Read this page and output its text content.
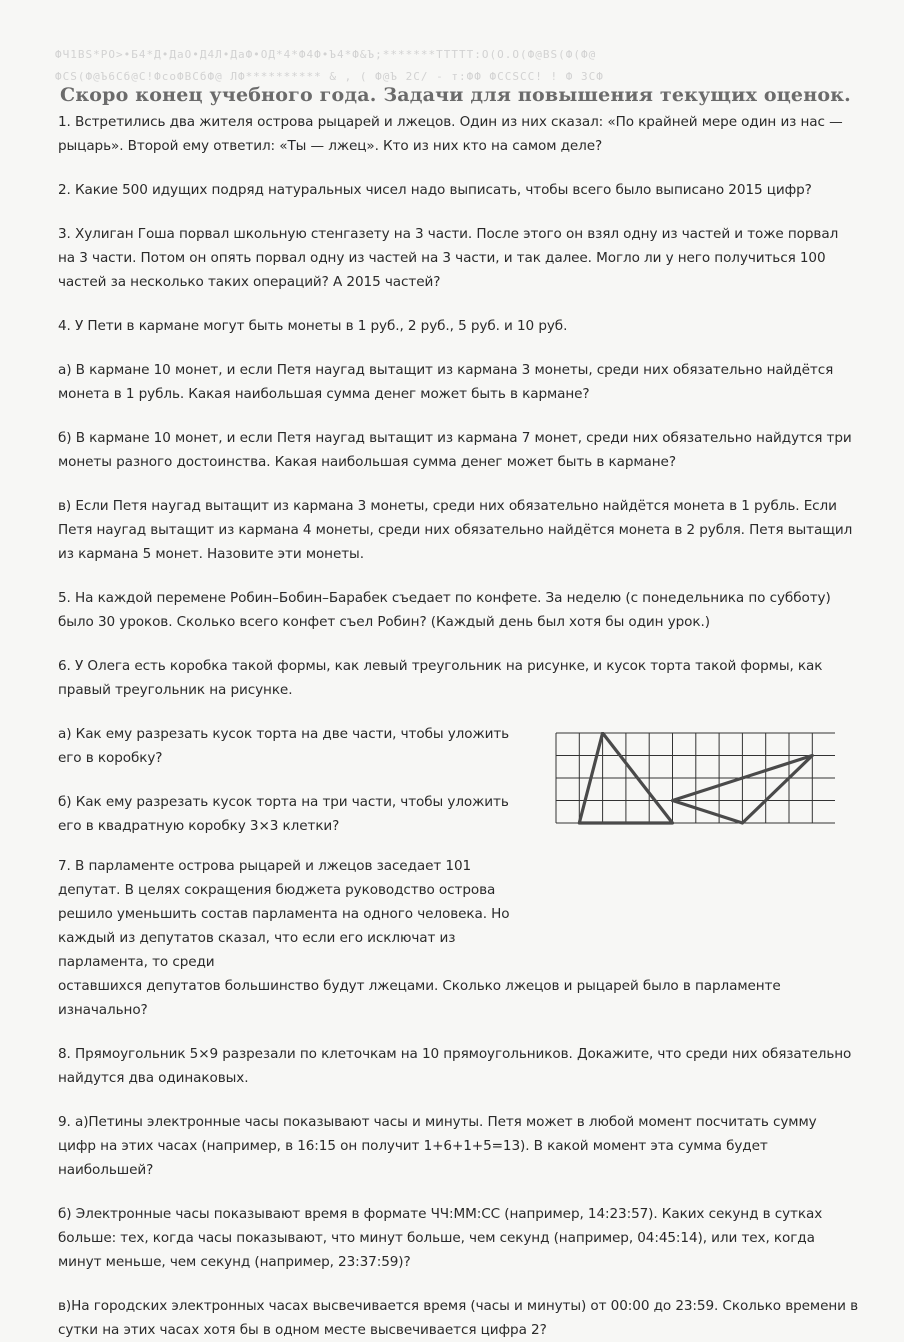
ФЧ1ВЅ*РО>•Б4*Д•ДаО•Д4Л•ДаФ•ОД*4*Ф4Ф•Ъ4*Ф&Ъ;*******ТТТТТ:О(О.О(Ф@ВЅ(Ф(Ф@
ФСЅ(Ф@Ъ6Сб@С!ФсоФВСбФ@ ЛФ********** & , ( Ф@Ъ 2С/ - т:ФФ ФССЅСС! ! Ф ЗСФ
Скоро конец учебного года. Задачи для повышения текущих оценок.

1. Встретились два жителя острова рыцарей и лжецов. Один из них сказал: «По крайней мере один из нас — рыцарь». Второй ему ответил: «Ты — лжец». Кто из них кто на самом деле?

2. Какие 500 идущих подряд натуральных чисел надо выписать, чтобы всего было выписано 2015 цифр?

3. Хулиган Гоша порвал школьную стенгазету на 3 части. После этого он взял одну из частей и тоже порвал на 3 части. Потом он опять порвал одну из частей на 3 части, и так далее. Могло ли у него получиться 100 частей за несколько таких операций? А 2015 частей?

4. У Пети в кармане могут быть монеты в 1 руб., 2 руб., 5 руб. и 10 руб.

а) В кармане 10 монет, и если Петя наугад вытащит из кармана 3 монеты, среди них обязательно найдётся монета в 1 рубль. Какая наибольшая сумма денег может быть в кармане?

б) В кармане 10 монет, и если Петя наугад вытащит из кармана 7 монет, среди них обязательно найдутся три монеты разного достоинства. Какая наибольшая сумма денег может быть в кармане?

в) Если Петя наугад вытащит из кармана 3 монеты, среди них обязательно найдётся монета в 1 рубль. Если Петя наугад вытащит из кармана 4 монеты, среди них обязательно найдётся монета в 2 рубля. Петя вытащил из кармана 5 монет. Назовите эти монеты.

5. На каждой перемене Робин–Бобин–Барабек съедает по конфете. За неделю (с понедельника по субботу) было 30 уроков. Сколько всего конфет съел Робин? (Каждый день был хотя бы один урок.)

6. У Олега есть коробка такой формы, как левый треугольник на рисунке, и кусок торта такой формы, как правый треугольник на рисунке.

а) Как ему разрезать кусок торта на две части, чтобы уложить его в коробку?

б) Как ему разрезать кусок торта на три части, чтобы уложить его в квадратную коробку 3×3 клетки?

7. В парламенте острова рыцарей и лжецов заседает 101 депутат. В целях сокращения бюджета руководство острова решило уменьшить состав парламента на одного человека. Но каждый из депутатов сказал, что если его исключат из парламента, то среди

оставшихся депутатов большинство будут лжецами. Сколько лжецов и рыцарей было в парламенте изначально?

8. Прямоугольник 5×9 разрезали по клеточкам на 10 прямоугольников. Докажите, что среди них обязательно найдутся два одинаковых.

9. а)Петины электронные часы показывают часы и минуты. Петя может в любой момент посчитать сумму цифр на этих часах (например, в 16:15 он получит 1+6+1+5=13). В какой момент эта сумма будет наибольшей?

б) Электронные часы показывают время в формате ЧЧ:ММ:СС (например, 14:23:57). Каких секунд в сутках больше: тех, когда часы показывают, что минут больше, чем секунд (например, 04:45:14), или тех, когда минут меньше, чем секунд (например, 23:37:59)?

в)На городских электронных часах высвечивается время (часы и минуты) от 00:00 до 23:59. Сколько времени в сутки на этих часах хотя бы в одном месте высвечивается цифра 2?
